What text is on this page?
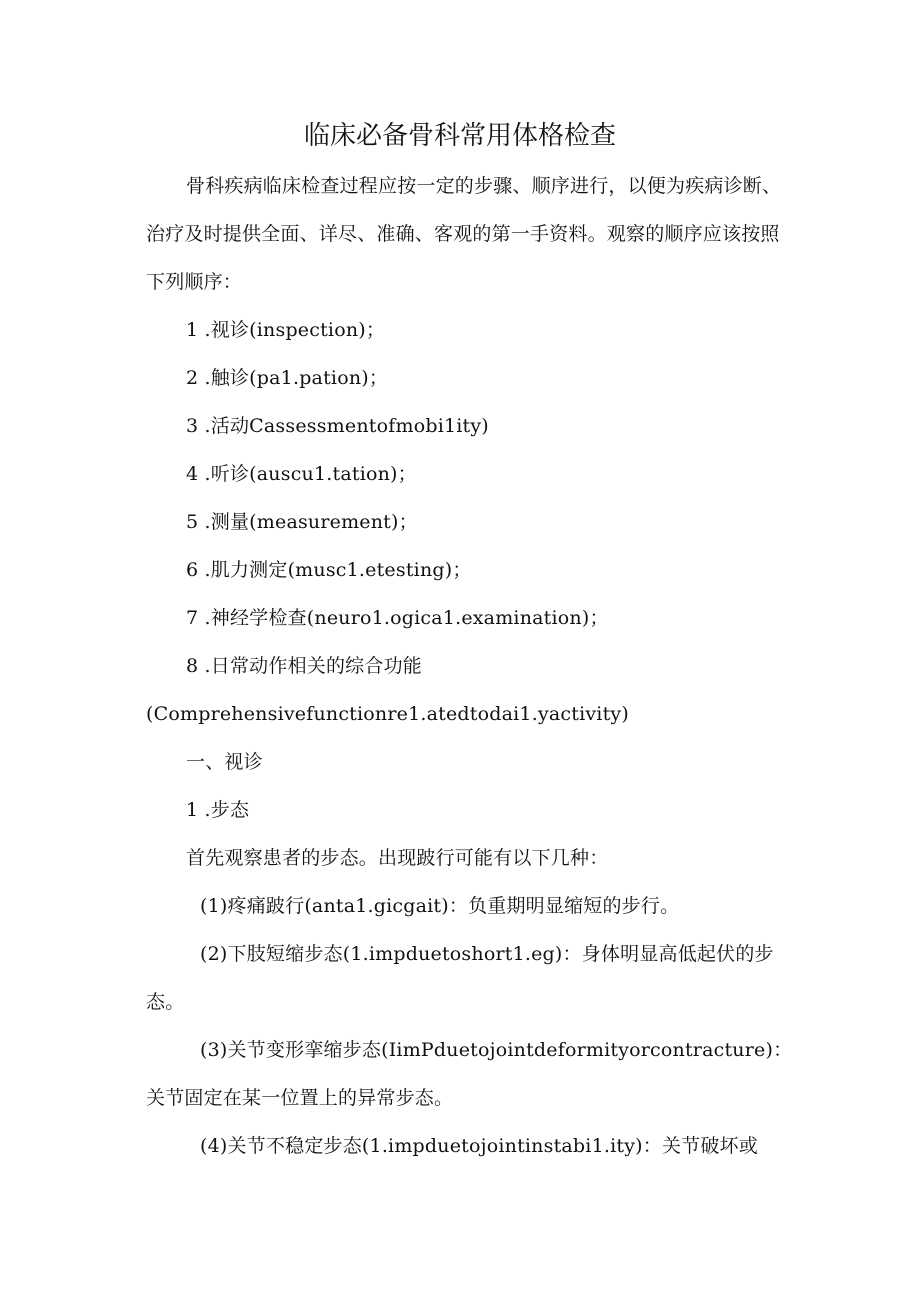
临床必备骨科常用体格检查

骨科疾病临床检查过程应按一定的步骤、顺序进行，以便为疾病诊断、

治疗及时提供全面、详尽、准确、客观的第一手资料。观察的顺序应该按照

下列顺序：

1 .视诊(inspection)；

2 .触诊(pa1.pation)；

3 .活动Cassessmentofmobi1ity)

4 .听诊(auscu1.tation)；

5 .测量(measurement)；

6 .肌力测定(musc1.etesting)；

7 .神经学检查(neuro1.ogica1.examination)；

8 .日常动作相关的综合功能

(Comprehensivefunctionre1.atedtodai1.yactivity)

一、视诊

1 .步态

首先观察患者的步态。出现跛行可能有以下几种：

(1)疼痛跛行(anta1.gicgait)：负重期明显缩短的步行。

(2)下肢短缩步态(1.impduetoshort1.eg)：身体明显高低起伏的步

态。

(3)关节变形挛缩步态(IimPduetojointdeformityorcontracture)：

关节固定在某一位置上的异常步态。

(4)关节不稳定步态(1.impduetojointinstabi1.ity)：关节破坏或
